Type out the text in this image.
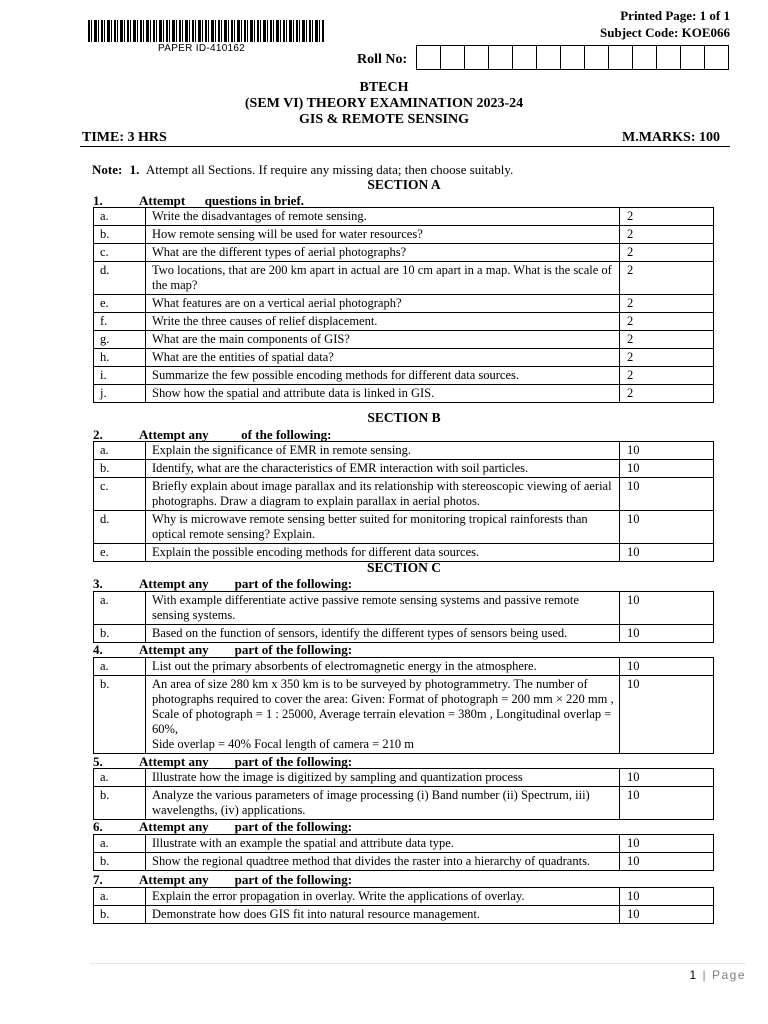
PAPER ID-410162
Printed Page: 1 of 1
Subject Code: KOE066
Roll No:
BTECH
(SEM VI) THEORY EXAMINATION 2023-24
GIS & REMOTE SENSING
TIME: 3 HRS	M.MARKS: 100
Note: 1. Attempt all Sections. If require any missing data; then choose suitably.
SECTION A
1.	Attempt      questions in brief.
a.	Write the disadvantages of remote sensing.	2
b.	How remote sensing will be used for water resources?	2
c.	What are the different types of aerial photographs?	2
d.	Two locations, that are 200 km apart in actual are 10 cm apart in a map. What is the scale of the map?	2
e.	What features are on a vertical aerial photograph?	2
f.	Write the three causes of relief displacement.	2
g.	What are the main components of GIS?	2
h.	What are the entities of spatial data?	2
i.	Summarize the few possible encoding methods for different data sources.	2
j.	Show how the spatial and attribute data is linked in GIS.	2
SECTION B
2.	Attempt any          of the following:
a.	Explain the significance of EMR in remote sensing.	10
b.	Identify, what are the characteristics of EMR interaction with soil particles.	10
c.	Briefly explain about image parallax and its relationship with stereoscopic viewing of aerial photographs. Draw a diagram to explain parallax in aerial photos.	10
d.	Why is microwave remote sensing better suited for monitoring tropical rainforests than optical remote sensing? Explain.	10
e.	Explain the possible encoding methods for different data sources.	10
SECTION C
3.	Attempt any        part of the following:
a.	With example differentiate active passive remote sensing systems and passive remote sensing systems.	10
b.	Based on the function of sensors, identify the different types of sensors being used.	10
4.	Attempt any        part of the following:
a.	List out the primary absorbents of electromagnetic energy in the atmosphere.	10
b.	An area of size 280 km x 350 km is to be surveyed by photogrammetry. The number of photographs required to cover the area: Given: Format of photograph = 200 mm × 220 mm , Scale of photograph = 1 : 25000, Average terrain elevation = 380m , Longitudinal overlap = 60%,
Side overlap = 40% Focal length of camera = 210 m	10
5.	Attempt any        part of the following:
a.	Illustrate how the image is digitized by sampling and quantization process	10
b.	Analyze the various parameters of image processing (i) Band number (ii) Spectrum, iii) wavelengths, (iv) applications.	10
6.	Attempt any        part of the following:
a.	Illustrate with an example the spatial and attribute data type.	10
b.	Show the regional quadtree method that divides the raster into a hierarchy of quadrants.	10
7.	Attempt any        part of the following:
a.	Explain the error propagation in overlay. Write the applications of overlay.	10
b.	Demonstrate how does GIS fit into natural resource management.	10
1 | Page
